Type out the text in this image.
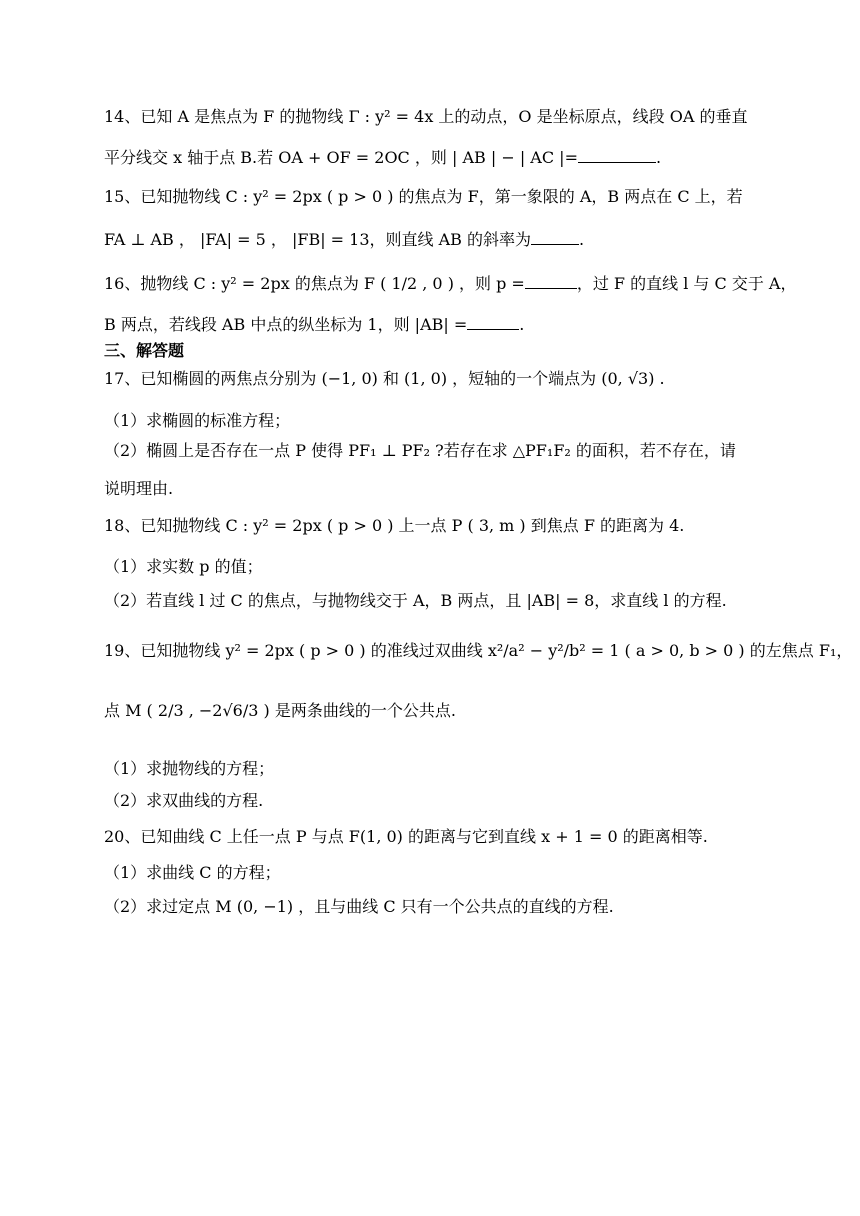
14、已知 A 是焦点为 F 的抛物线 Γ : y² = 4x 上的动点，O 是坐标原点，线段 OA 的垂直
平分线交 x 轴于点 B.若 OA + OF = 2OC ，则 | AB | − | AC |=	.
15、已知抛物线 C : y² = 2px ( p > 0 ) 的焦点为 F，第一象限的 A，B 两点在 C 上，若
FA ⊥ AB ， |FA| = 5 ， |FB| = 13，则直线 AB 的斜率为	.
16、抛物线 C : y² = 2px 的焦点为 F ( 1/2 , 0 ) ，则 p =	，过 F 的直线 l 与 C 交于 A，
B 两点，若线段 AB 中点的纵坐标为 1，则 |AB| =	.
三、解答题
17、已知椭圆的两焦点分别为 (−1, 0) 和 (1, 0) ，短轴的一个端点为 (0, √3) .
（1）求椭圆的标准方程；
（2）椭圆上是否存在一点 P 使得 PF₁ ⊥ PF₂ ?若存在求 △PF₁F₂ 的面积，若不存在，请
说明理由.
18、已知抛物线 C : y² = 2px ( p > 0 ) 上一点 P ( 3, m ) 到焦点 F 的距离为 4.
（1）求实数 p 的值；
（2）若直线 l 过 C 的焦点，与抛物线交于 A，B 两点，且 |AB| = 8，求直线 l 的方程.
19、已知抛物线 y² = 2px ( p > 0 ) 的准线过双曲线 x²/a² − y²/b² = 1 ( a > 0, b > 0 ) 的左焦点 F₁，
点 M ( 2/3 , −2√6/3 ) 是两条曲线的一个公共点.
（1）求抛物线的方程；
（2）求双曲线的方程.
20、已知曲线 C 上任一点 P 与点 F(1, 0) 的距离与它到直线 x + 1 = 0 的距离相等.
（1）求曲线 C 的方程；
（2）求过定点 M (0, −1) ，且与曲线 C 只有一个公共点的直线的方程.
